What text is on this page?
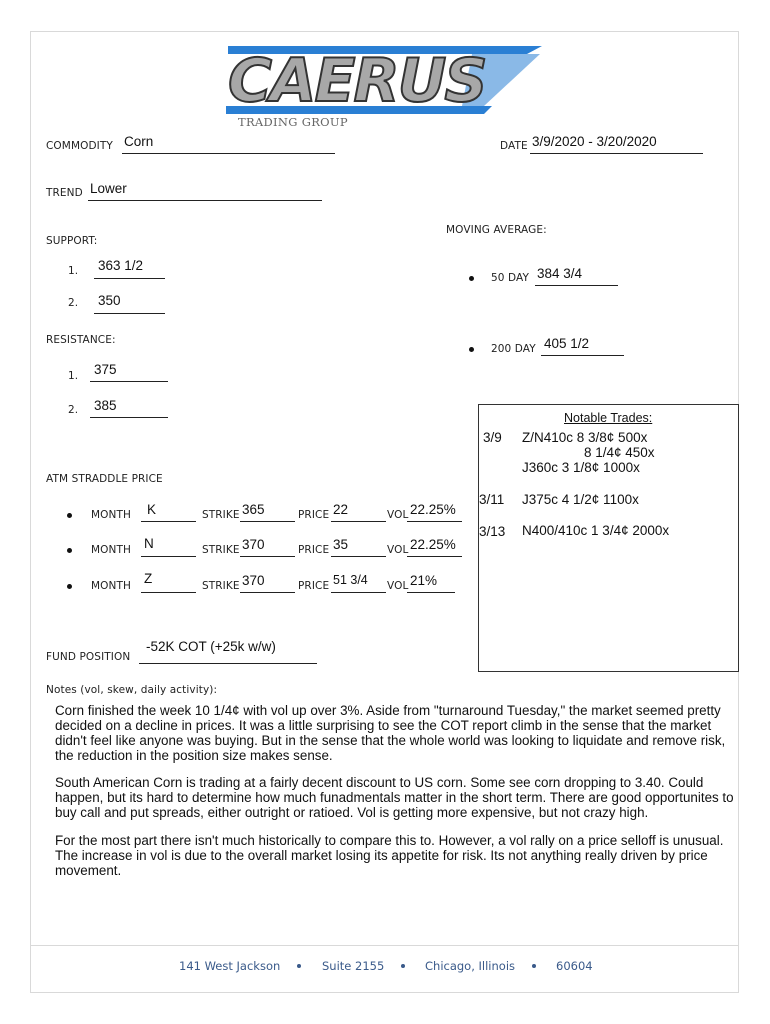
CAERUS
TRADING GROUP
COMMODITY Corn	DATE 3/9/2020 - 3/20/2020
TREND Lower
SUPPORT:
1. 363 1/2
2. 350
RESISTANCE:
1. 375
2. 385
MOVING AVERAGE:
50 DAY 384 3/4
200 DAY 405 1/2
Notable Trades:
3/9 Z/N410c 8 3/8¢ 500x
8 1/4¢ 450x
J360c 3 1/8¢ 1000x
3/11 J375c 4 1/2¢ 1100x
3/13 N400/410c 1 3/4¢ 2000x
ATM STRADDLE PRICE
MONTH K	STRIKE 365	PRICE 22	VOL 22.25%
MONTH N	STRIKE 370	PRICE 35	VOL 22.25%
MONTH Z	STRIKE 370	PRICE 51 3/4 VOL 21%
FUND POSITION
-52K COT (+25k w/w)
Notes (vol, skew, daily activity):

Corn finished the week 10 1/4¢ with vol up over 3%. Aside from "turnaround Tuesday," the market seemed pretty decided on a decline in prices. It was a little surprising to see the COT report climb in the sense that the market didn't feel like anyone was buying. But in the sense that the whole world was looking to liquidate and remove risk, the reduction in the position size makes sense.

South American Corn is trading at a fairly decent discount to US corn. Some see corn dropping to 3.40. Could happen, but its hard to determine how much funadmentals matter in the short term. There are good opportunites to buy call and put spreads, either outright or ratioed. Vol is getting more expensive, but not crazy high.

For the most part there isn't much historically to compare this to. However, a vol rally on a price selloff is unusual. The increase in vol is due to the overall market losing its appetite for risk. Its not anything really driven by price movement.

141 West Jackson	Suite 2155	Chicago, Illinois	60604
